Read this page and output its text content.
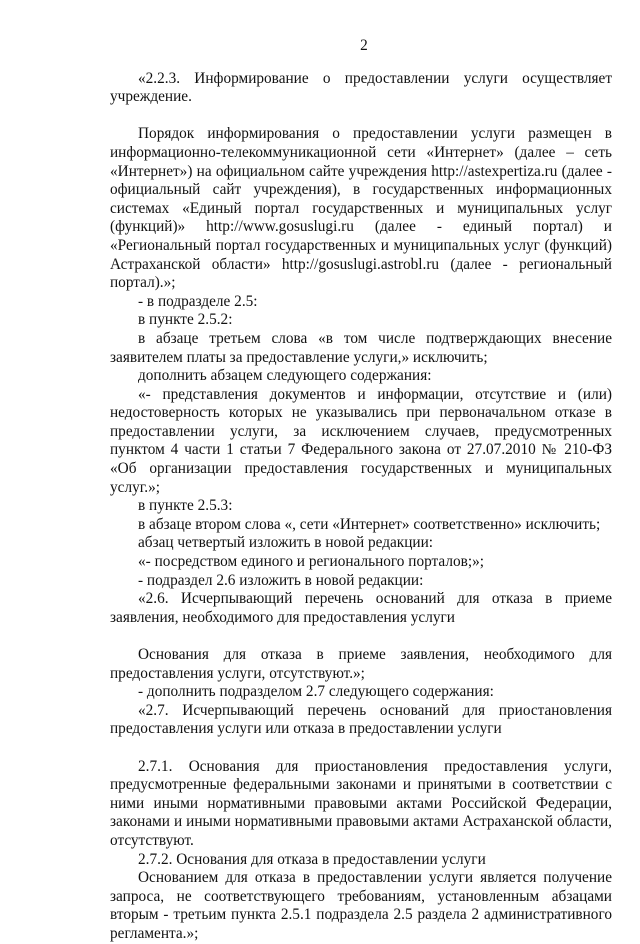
2

«2.2.3. Информирование о предоставлении услуги осуществляет учреждение.

Порядок информирования о предоставлении услуги размещен в информационно-телекоммуникационной сети «Интернет» (далее – сеть «Интернет») на официальном сайте учреждения http://astexpertiza.ru (далее - официальный сайт учреждения), в государственных информационных системах «Единый портал государственных и муниципальных услуг (функций)» http://www.gosuslugi.ru (далее - единый портал) и «Региональный портал государственных и муниципальных услуг (функций) Астраханской области» http://gosuslugi.astrobl.ru (далее - региональный портал).»;

- в подразделе 2.5:

в пункте 2.5.2:

в абзаце третьем слова «в том числе подтверждающих внесение заявителем платы за предоставление услуги,» исключить;

дополнить абзацем следующего содержания:

«- представления документов и информации, отсутствие и (или) недостоверность которых не указывались при первоначальном отказе в предоставлении услуги, за исключением случаев, предусмотренных пунктом 4 части 1 статьи 7 Федерального закона от 27.07.2010 № 210-ФЗ «Об организации предоставления государственных и муниципальных услуг.»;

в пункте 2.5.3:

в абзаце втором слова «, сети «Интернет» соответственно» исключить;

абзац четвертый изложить в новой редакции:

«- посредством единого и регионального порталов;»;

- подраздел 2.6 изложить в новой редакции:

«2.6. Исчерпывающий перечень оснований для отказа в приеме заявления, необходимого для предоставления услуги

Основания для отказа в приеме заявления, необходимого для предоставления услуги, отсутствуют.»;

- дополнить подразделом 2.7 следующего содержания:

«2.7. Исчерпывающий перечень оснований для приостановления предоставления услуги или отказа в предоставлении услуги

2.7.1. Основания для приостановления предоставления услуги, предусмотренные федеральными законами и принятыми в соответствии с ними иными нормативными правовыми актами Российской Федерации, законами и иными нормативными правовыми актами Астраханской области, отсутствуют.

2.7.2. Основания для отказа в предоставлении услуги

Основанием для отказа в предоставлении услуги является получение запроса, не соответствующего требованиям, установленным абзацами вторым - третьим пункта 2.5.1 подраздела 2.5 раздела 2 административного регламента.»;
